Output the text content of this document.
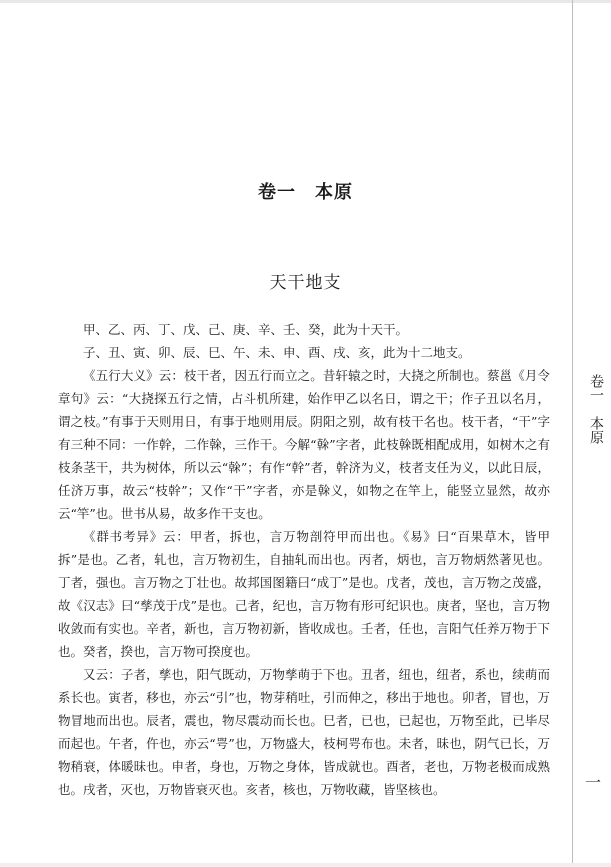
卷一　本原
天干地支

甲、乙、丙、丁、戊、己、庚、辛、壬、癸，此为十天干。

子、丑、寅、卯、辰、巳、午、未、申、酉、戌、亥，此为十二地支。

《五行大义》云：枝干者，因五行而立之。昔轩辕之时，大挠之所制也。蔡邕《月令章句》云：“大挠探五行之情，占斗机所建，始作甲乙以名日，谓之干；作子丑以名月，谓之枝。”有事于天则用日，有事于地则用辰。阴阳之别，故有枝干名也。枝干者，“干”字有三种不同：一作幹，二作榦，三作干。今解“榦”字者，此枝榦既相配成用，如树木之有枝条茎干，共为树体，所以云“榦”；有作“幹”者，幹济为义，枝者支任为义，以此日辰，任济万事，故云“枝幹”；又作“干”字者，亦是榦义，如物之在竿上，能竖立显然，故亦云“竿”也。世书从易，故多作干支也。

《群书考异》云：甲者，拆也，言万物剖符甲而出也。《易》曰“百果草木，皆甲拆”是也。乙者，轧也，言万物初生，自抽轧而出也。丙者，炳也，言万物炳然著见也。丁者，强也。言万物之丁壮也。故邦国图籍曰“成丁”是也。戊者，茂也，言万物之茂盛，故《汉志》曰“孳茂于戊”是也。己者，纪也，言万物有形可纪识也。庚者，坚也，言万物收敛而有实也。辛者，新也，言万物初新，皆收成也。壬者，任也，言阳气任养万物于下也。癸者，揆也，言万物可揆度也。

又云：子者，孳也，阳气既动，万物孳萌于下也。丑者，纽也，纽者，系也，续萌而系长也。寅者，移也，亦云“引”也，物芽稍吐，引而伸之，移出于地也。卯者，冒也，万物冒地而出也。辰者，震也，物尽震动而长也。巳者，已也，已起也，万物至此，已毕尽而起也。午者，仵也，亦云“咢”也，万物盛大，枝柯咢布也。未者，昧也，阴气已长，万物稍衰，体暖昧也。申者，身也，万物之身体，皆成就也。酉者，老也，万物老极而成熟也。戌者，灭也，万物皆衰灭也。亥者，核也，万物收藏，皆坚核也。

卷一　本原
一
